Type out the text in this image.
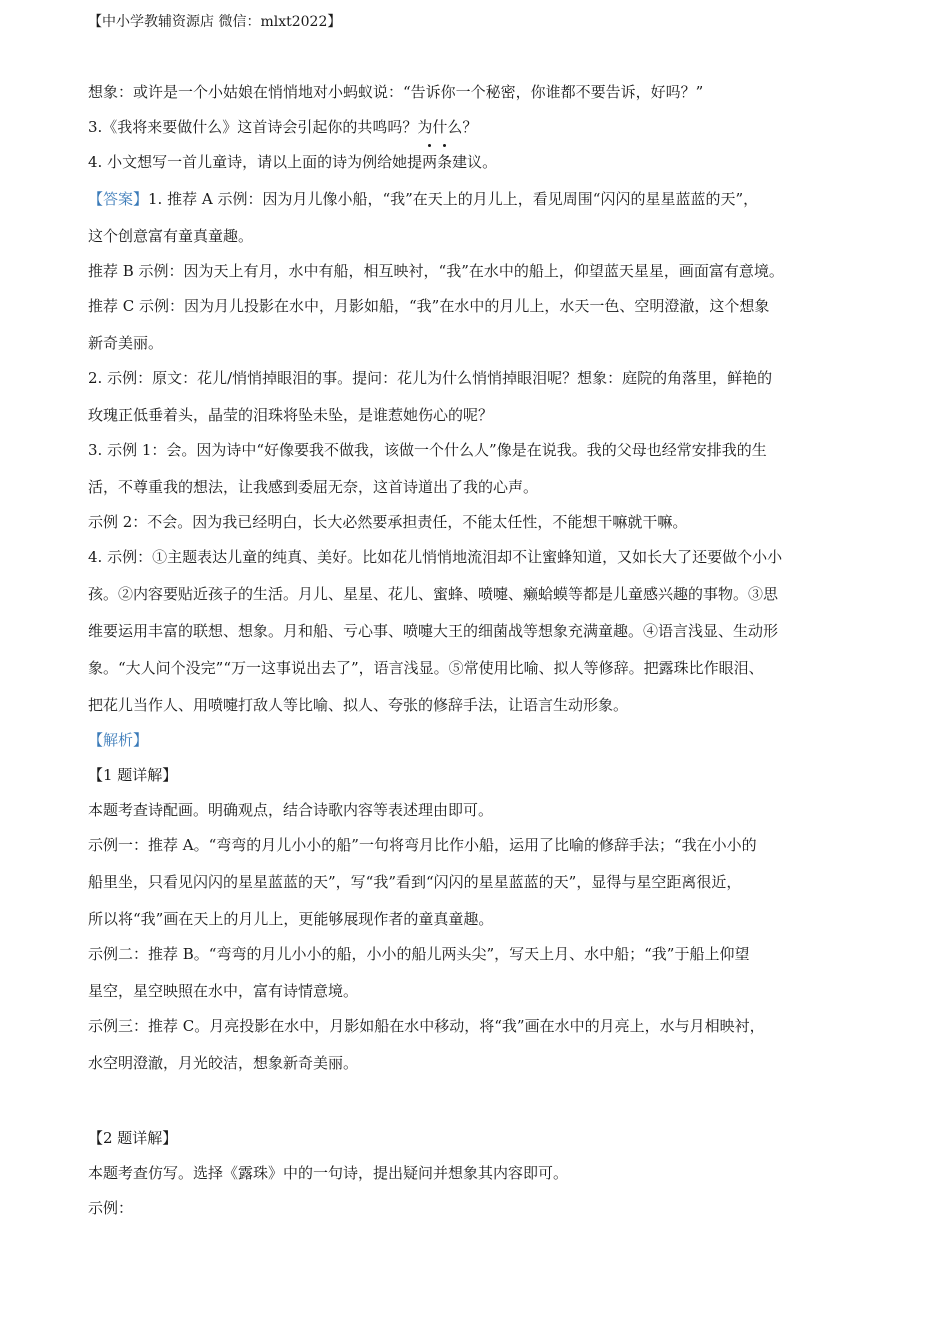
【中小学教辅资源店 微信：mlxt2022】
想象：或许是一个小姑娘在悄悄地对小蚂蚁说：“告诉你一个秘密，你谁都不要告诉，好吗？”
3.《我将来要做什么》这首诗会引起你的共鸣吗？为什么？
4. 小文想写一首儿童诗，请以上面的诗为例给她提两条建议。
【答案】1. 推荐 A 示例：因为月儿像小船，“我”在天上的月儿上，看见周围“闪闪的星星蓝蓝的天”，
这个创意富有童真童趣。
推荐 B 示例：因为天上有月，水中有船，相互映衬，“我”在水中的船上，仰望蓝天星星，画面富有意境。
推荐 C 示例：因为月儿投影在水中，月影如船，“我”在水中的月儿上，水天一色、空明澄澈，这个想象
新奇美丽。
2. 示例：原文：花儿/悄悄掉眼泪的事。提问：花儿为什么悄悄掉眼泪呢？想象：庭院的角落里，鲜艳的
玫瑰正低垂着头，晶莹的泪珠将坠未坠，是谁惹她伤心的呢？
3. 示例 1：会。因为诗中“好像要我不做我，该做一个什么人”像是在说我。我的父母也经常安排我的生
活，不尊重我的想法，让我感到委屈无奈，这首诗道出了我的心声。
示例 2：不会。因为我已经明白，长大必然要承担责任，不能太任性，不能想干嘛就干嘛。
4. 示例：①主题表达儿童的纯真、美好。比如花儿悄悄地流泪却不让蜜蜂知道，又如长大了还要做个小小
孩。②内容要贴近孩子的生活。月儿、星星、花儿、蜜蜂、喷嚏、癞蛤蟆等都是儿童感兴趣的事物。③思
维要运用丰富的联想、想象。月和船、亏心事、喷嚏大王的细菌战等想象充满童趣。④语言浅显、生动形
象。“大人问个没完”“万一这事说出去了”，语言浅显。⑤常使用比喻、拟人等修辞。把露珠比作眼泪、
把花儿当作人、用喷嚏打敌人等比喻、拟人、夸张的修辞手法，让语言生动形象。
【解析】
【1 题详解】
本题考查诗配画。明确观点，结合诗歌内容等表述理由即可。
示例一：推荐 A。“弯弯的月儿小小的船”一句将弯月比作小船，运用了比喻的修辞手法；“我在小小的
船里坐，只看见闪闪的星星蓝蓝的天”，写“我”看到“闪闪的星星蓝蓝的天”，显得与星空距离很近，
所以将“我”画在天上的月儿上，更能够展现作者的童真童趣。
示例二：推荐 B。“弯弯的月儿小小的船，小小的船儿两头尖”，写天上月、水中船；“我”于船上仰望
星空，星空映照在水中，富有诗情意境。
示例三：推荐 C。月亮投影在水中，月影如船在水中移动，将“我”画在水中的月亮上，水与月相映衬，
水空明澄澈，月光皎洁，想象新奇美丽。
【2 题详解】
本题考查仿写。选择《露珠》中的一句诗，提出疑问并想象其内容即可。
示例：
